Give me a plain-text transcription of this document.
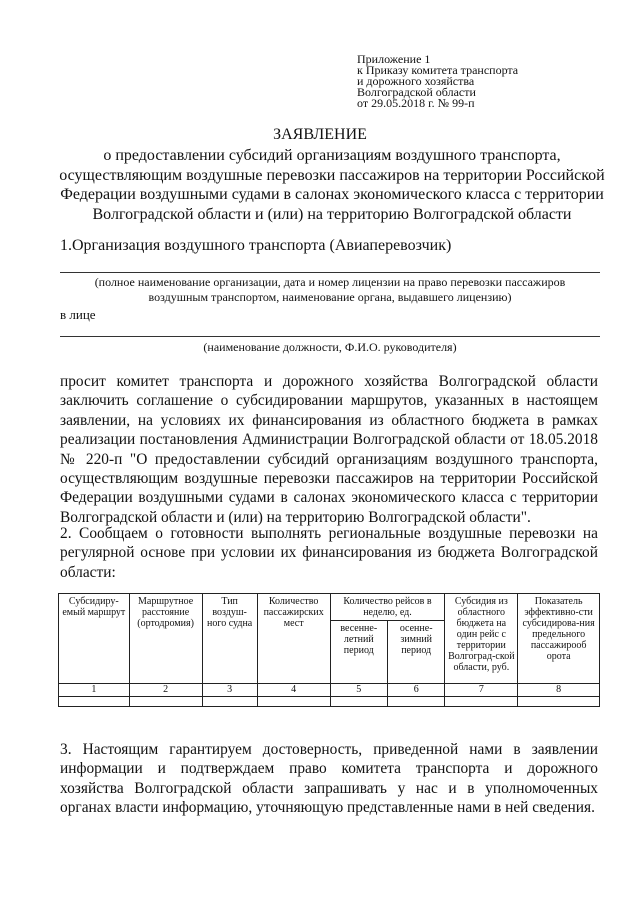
Приложение 1
к Приказу комитета транспорта
и дорожного хозяйства
Волгоградской области
от 29.05.2018 г. № 99-п
ЗАЯВЛЕНИЕ
о предоставлении субсидий организациям воздушного транспорта, осуществляющим воздушные перевозки пассажиров на территории Российской Федерации воздушными судами в салонах экономического класса с территории Волгоградской области и (или) на территорию Волгоградской области
1.Организация воздушного транспорта (Авиаперевозчик)
(полное наименование организации, дата и номер лицензии на право перевозки пассажиров
воздушным транспортом, наименование органа, выдавшего лицензию)
в лице
(наименование должности, Ф.И.О. руководителя)
просит комитет транспорта и дорожного хозяйства Волгоградской области
заключить соглашение о субсидировании маршрутов, указанных в настоящем
заявлении, на условиях их финансирования из областного бюджета в рамках
реализации постановления Администрации Волгоградской области от 18.05.2018
№ 220-п "О предоставлении субсидий организациям воздушного транспорта,
осуществляющим воздушные перевозки пассажиров на территории Российской
Федерации воздушными судами в салонах экономического класса с территории
Волгоградской области и (или) на территорию Волгоградской области".
2. Сообщаем о готовности выполнять региональные воздушные перевозки на
регулярной основе при условии их финансирования из бюджета Волгоградской
области:
Субсидиру-емый маршрут	Маршрутное расстояние (ортодромия)	Тип воздуш-ного судна	Количество пассажирских мест	Количество рейсов в неделю, ед.		Субсидия из областного бюджета на один рейс с территории Волгоград-ской области, руб.	Показатель эффективно-сти субсидирова-ния предельного пассажирооб орота
				весенне-летний период	осенне-зимний период		
1	2	3	4	5	6	7	8

3. Настоящим гарантируем достоверность, приведенной нами в заявлении
информации и подтверждаем право комитета транспорта и дорожного
хозяйства Волгоградской области запрашивать у нас и в уполномоченных
органах власти информацию, уточняющую представленные нами в ней сведения.
